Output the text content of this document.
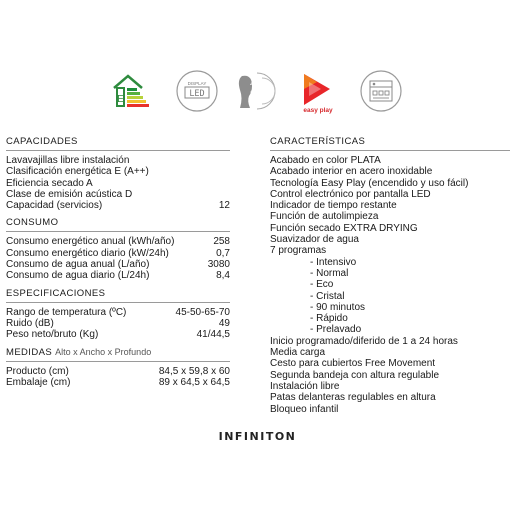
E
DISPLAY
LED
49
dB
easy play
CAPACIDADES
Lavavajillas libre instalación
Clasificación energética E (A++)
Eficiencia secado A
Clase de emisión acústica D
Capacidad (servicios)	12
CONSUMO
Consumo energético anual (kWh/año)	258
Consumo energético diario (kW/24h)	0,7
Consumo de agua anual (L/año)	3080
Consumo de agua diario (L/24h)	8,4
ESPECIFICACIONES
Rango de temperatura (ºC)	45-50-65-70
Ruido (dB)	49
Peso neto/bruto (Kg)	41/44,5
MEDIDAS Alto x Ancho x Profundo
Producto (cm)	84,5 x 59,8 x 60
Embalaje (cm)	89 x 64,5 x 64,5
CARACTERÍSTICAS
Acabado en color PLATA
Acabado interior en acero inoxidable
Tecnología Easy Play (encendido y uso fácil)
Control electrónico por pantalla LED
Indicador de tiempo restante
Función de autolimpieza
Función secado EXTRA DRYING
Suavizador de agua
7 programas
- Intensivo
- Normal
- Eco
- Cristal
- 90 minutos
- Rápido
- Prelavado
Inicio programado/diferido de 1 a 24 horas
Media carga
Cesto para cubiertos Free Movement
Segunda bandeja con altura regulable
Instalación libre
Patas delanteras regulables en altura
Bloqueo infantil
INFINITON
